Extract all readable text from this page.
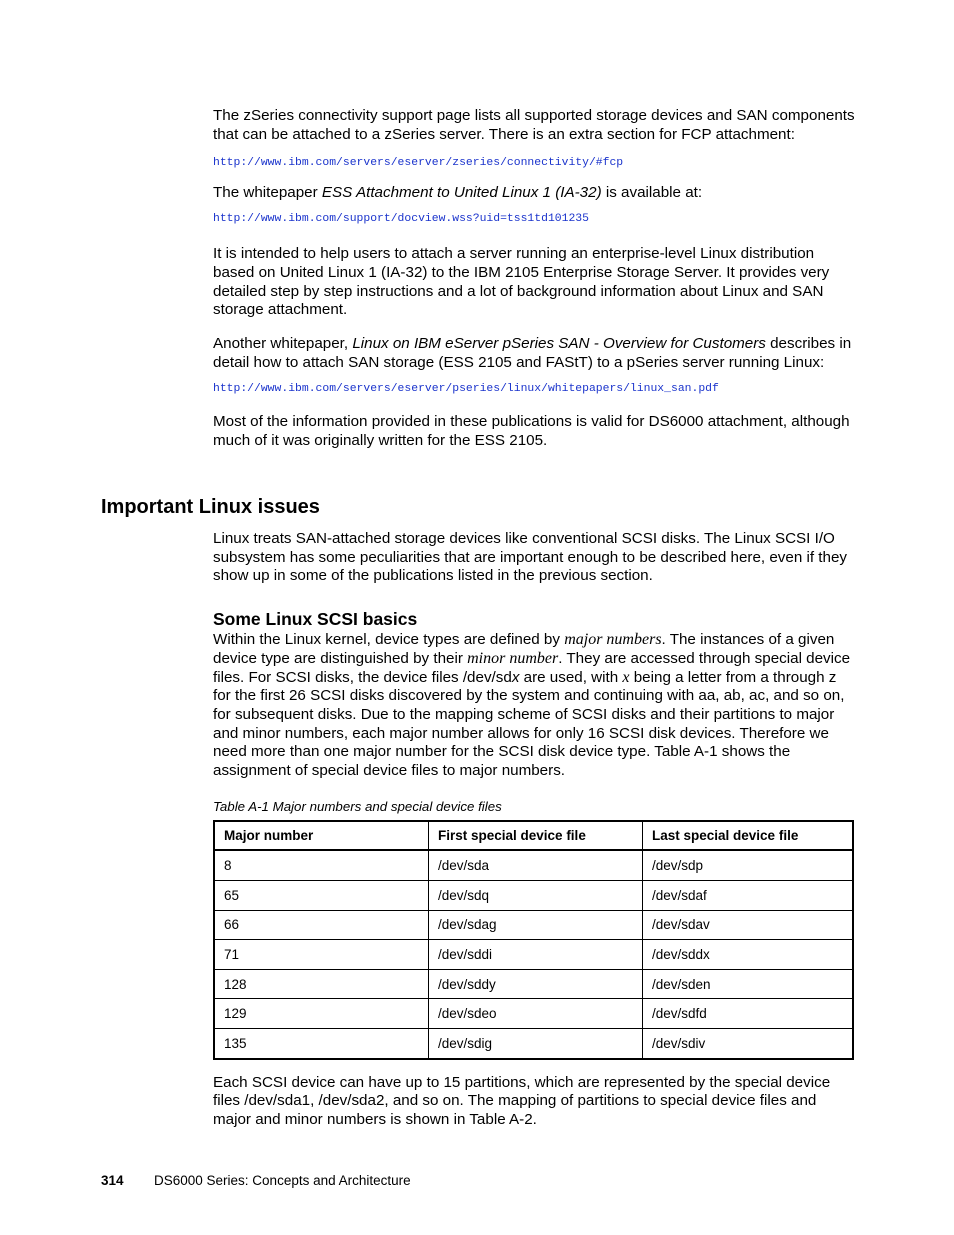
The zSeries connectivity support page lists all supported storage devices and SAN components that can be attached to a zSeries server. There is an extra section for FCP attachment:

http://www.ibm.com/servers/eserver/zseries/connectivity/#fcp

The whitepaper ESS Attachment to United Linux 1 (IA-32) is available at:

http://www.ibm.com/support/docview.wss?uid=tss1td101235

It is intended to help users to attach a server running an enterprise-level Linux distribution based on United Linux 1 (IA-32) to the IBM 2105 Enterprise Storage Server. It provides very detailed step by step instructions and a lot of background information about Linux and SAN storage attachment.

Another whitepaper, Linux on IBM eServer pSeries SAN - Overview for Customers describes in detail how to attach SAN storage (ESS 2105 and FAStT) to a pSeries server running Linux:

http://www.ibm.com/servers/eserver/pseries/linux/whitepapers/linux_san.pdf

Most of the information provided in these publications is valid for DS6000 attachment, although much of it was originally written for the ESS 2105.

Important Linux issues

Linux treats SAN-attached storage devices like conventional SCSI disks. The Linux SCSI I/O subsystem has some peculiarities that are important enough to be described here, even if they show up in some of the publications listed in the previous section.

Some Linux SCSI basics

Within the Linux kernel, device types are defined by major numbers. The instances of a given device type are distinguished by their minor number. They are accessed through special device files. For SCSI disks, the device files /dev/sdx are used, with x being a letter from a through z for the first 26 SCSI disks discovered by the system and continuing with aa, ab, ac, and so on, for subsequent disks. Due to the mapping scheme of SCSI disks and their partitions to major and minor numbers, each major number allows for only 16 SCSI disk devices. Therefore we need more than one major number for the SCSI disk device type. Table A-1 shows the assignment of special device files to major numbers.

Table A-1 Major numbers and special device files

Major number	First special device file	Last special device file
8	/dev/sda	/dev/sdp
65	/dev/sdq	/dev/sdaf
66	/dev/sdag	/dev/sdav
71	/dev/sddi	/dev/sddx
128	/dev/sddy	/dev/sden
129	/dev/sdeo	/dev/sdfd
135	/dev/sdig	/dev/sdiv

Each SCSI device can have up to 15 partitions, which are represented by the special device files /dev/sda1, /dev/sda2, and so on. The mapping of partitions to special device files and major and minor numbers is shown in Table A-2.

314 DS6000 Series: Concepts and Architecture
